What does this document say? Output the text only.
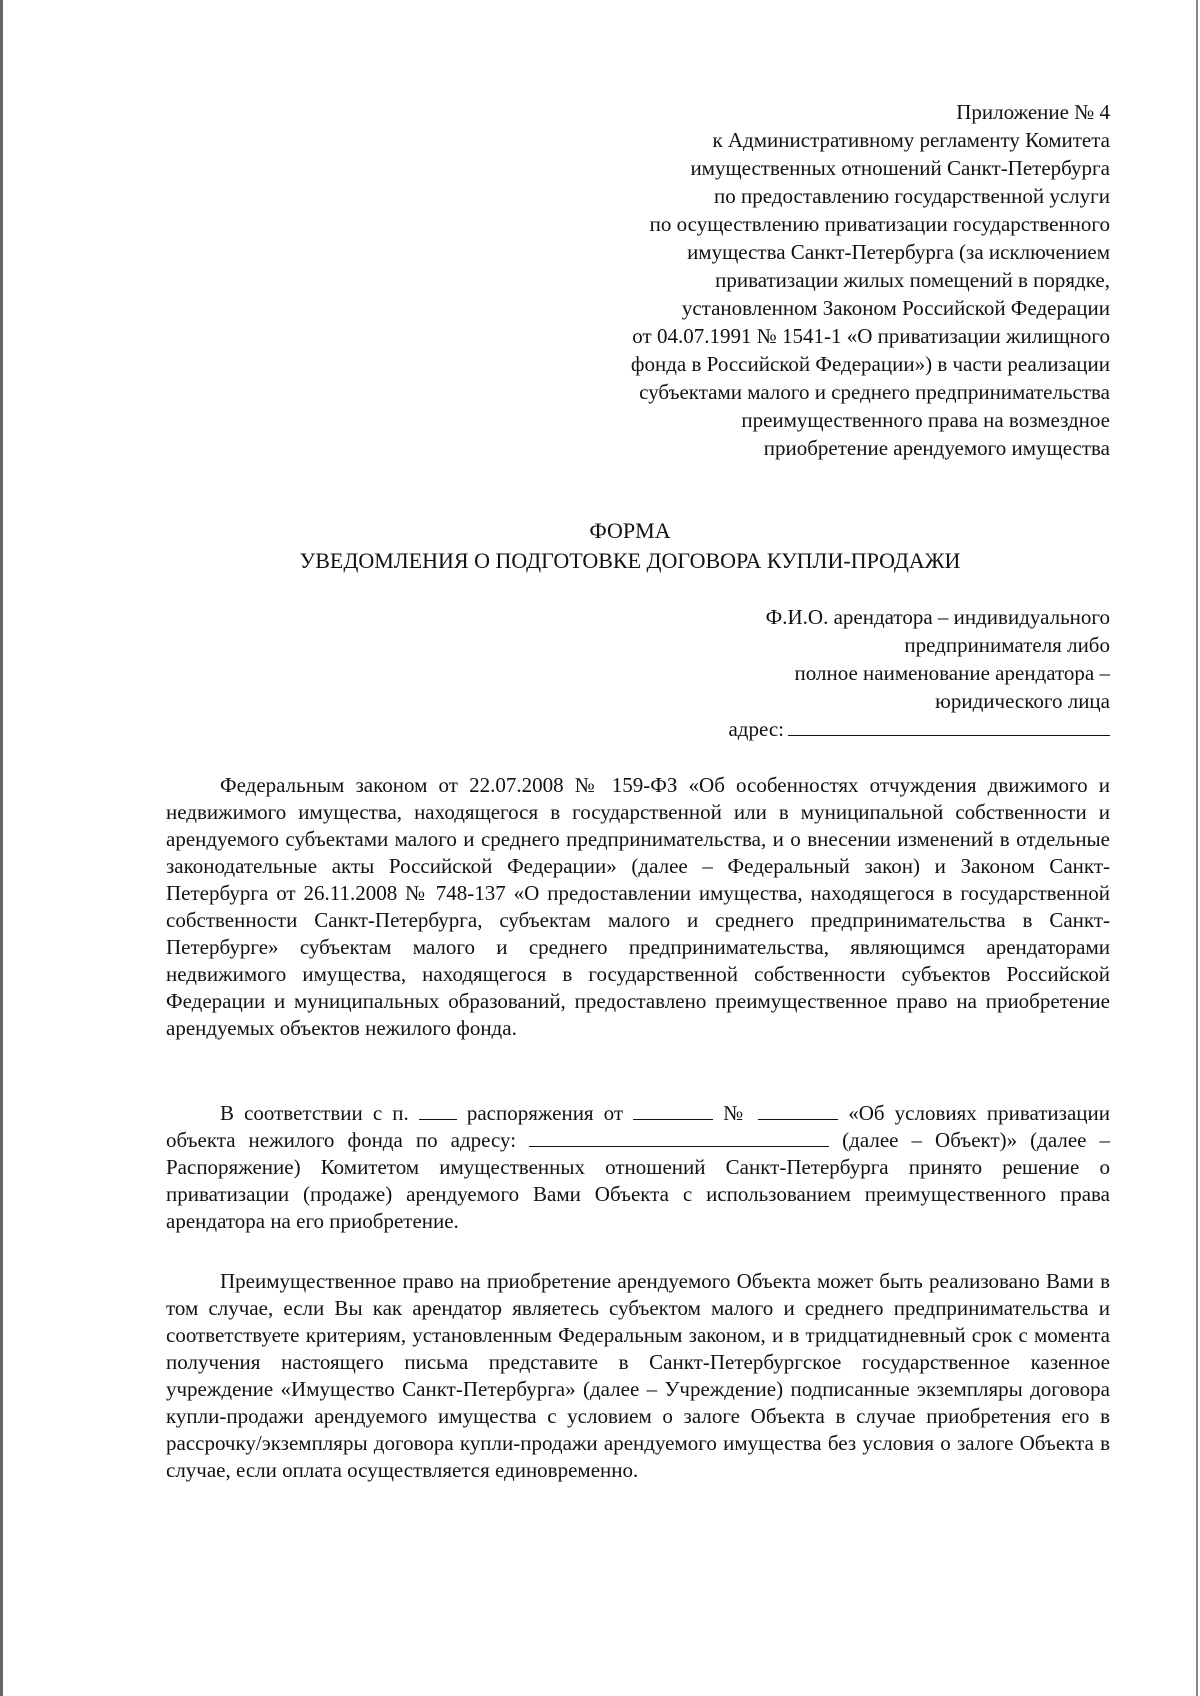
Приложение № 4
к Административному регламенту Комитета
имущественных отношений Санкт-Петербурга
по предоставлению государственной услуги
по осуществлению приватизации государственного
имущества Санкт-Петербурга (за исключением
приватизации жилых помещений в порядке,
установленном Законом Российской Федерации
от 04.07.1991 № 1541-1 «О приватизации жилищного
фонда в Российской Федерации») в части реализации
субъектами малого и среднего предпринимательства
преимущественного права на возмездное
приобретение арендуемого имущества
ФОРМА
УВЕДОМЛЕНИЯ О ПОДГОТОВКЕ ДОГОВОРА КУПЛИ-ПРОДАЖИ
Ф.И.О. арендатора – индивидуального
предпринимателя либо
полное наименование арендатора –
юридического лица
адрес:

Федеральным законом от 22.07.2008 № 159-ФЗ «Об особенностях отчуждения движимого и недвижимого имущества, находящегося в государственной или в муниципальной собственности и арендуемого субъектами малого и среднего предпринимательства, и о внесении изменений в отдельные законодательные акты Российской Федерации» (далее – Федеральный закон) и Законом Санкт-Петербурга от 26.11.2008 № 748-137 «О предоставлении имущества, находящегося в государственной собственности Санкт-Петербурга, субъектам малого и среднего предпринимательства в Санкт-Петербурге» субъектам малого и среднего предпринимательства, являющимся арендаторами недвижимого имущества, находящегося в государственной собственности субъектов Российской Федерации и муниципальных образований, предоставлено преимущественное право на приобретение арендуемых объектов нежилого фонда.

В соответствии с п.	распоряжения от	№	«Об условиях приватизации объекта нежилого фонда по адресу:	(далее – Объект)» (далее – Распоряжение) Комитетом имущественных отношений Санкт-Петербурга принято решение о приватизации (продаже) арендуемого Вами Объекта с использованием преимущественного права арендатора на его приобретение.

Преимущественное право на приобретение арендуемого Объекта может быть реализовано Вами в том случае, если Вы как арендатор являетесь субъектом малого и среднего предпринимательства и соответствуете критериям, установленным Федеральным законом, и в тридцатидневный срок с момента получения настоящего письма представите в Санкт-Петербургское государственное казенное учреждение «Имущество Санкт-Петербурга» (далее – Учреждение) подписанные экземпляры договора купли-продажи арендуемого имущества с условием о залоге Объекта в случае приобретения его в рассрочку/экземпляры договора купли-продажи арендуемого имущества без условия о залоге Объекта в случае, если оплата осуществляется единовременно.
